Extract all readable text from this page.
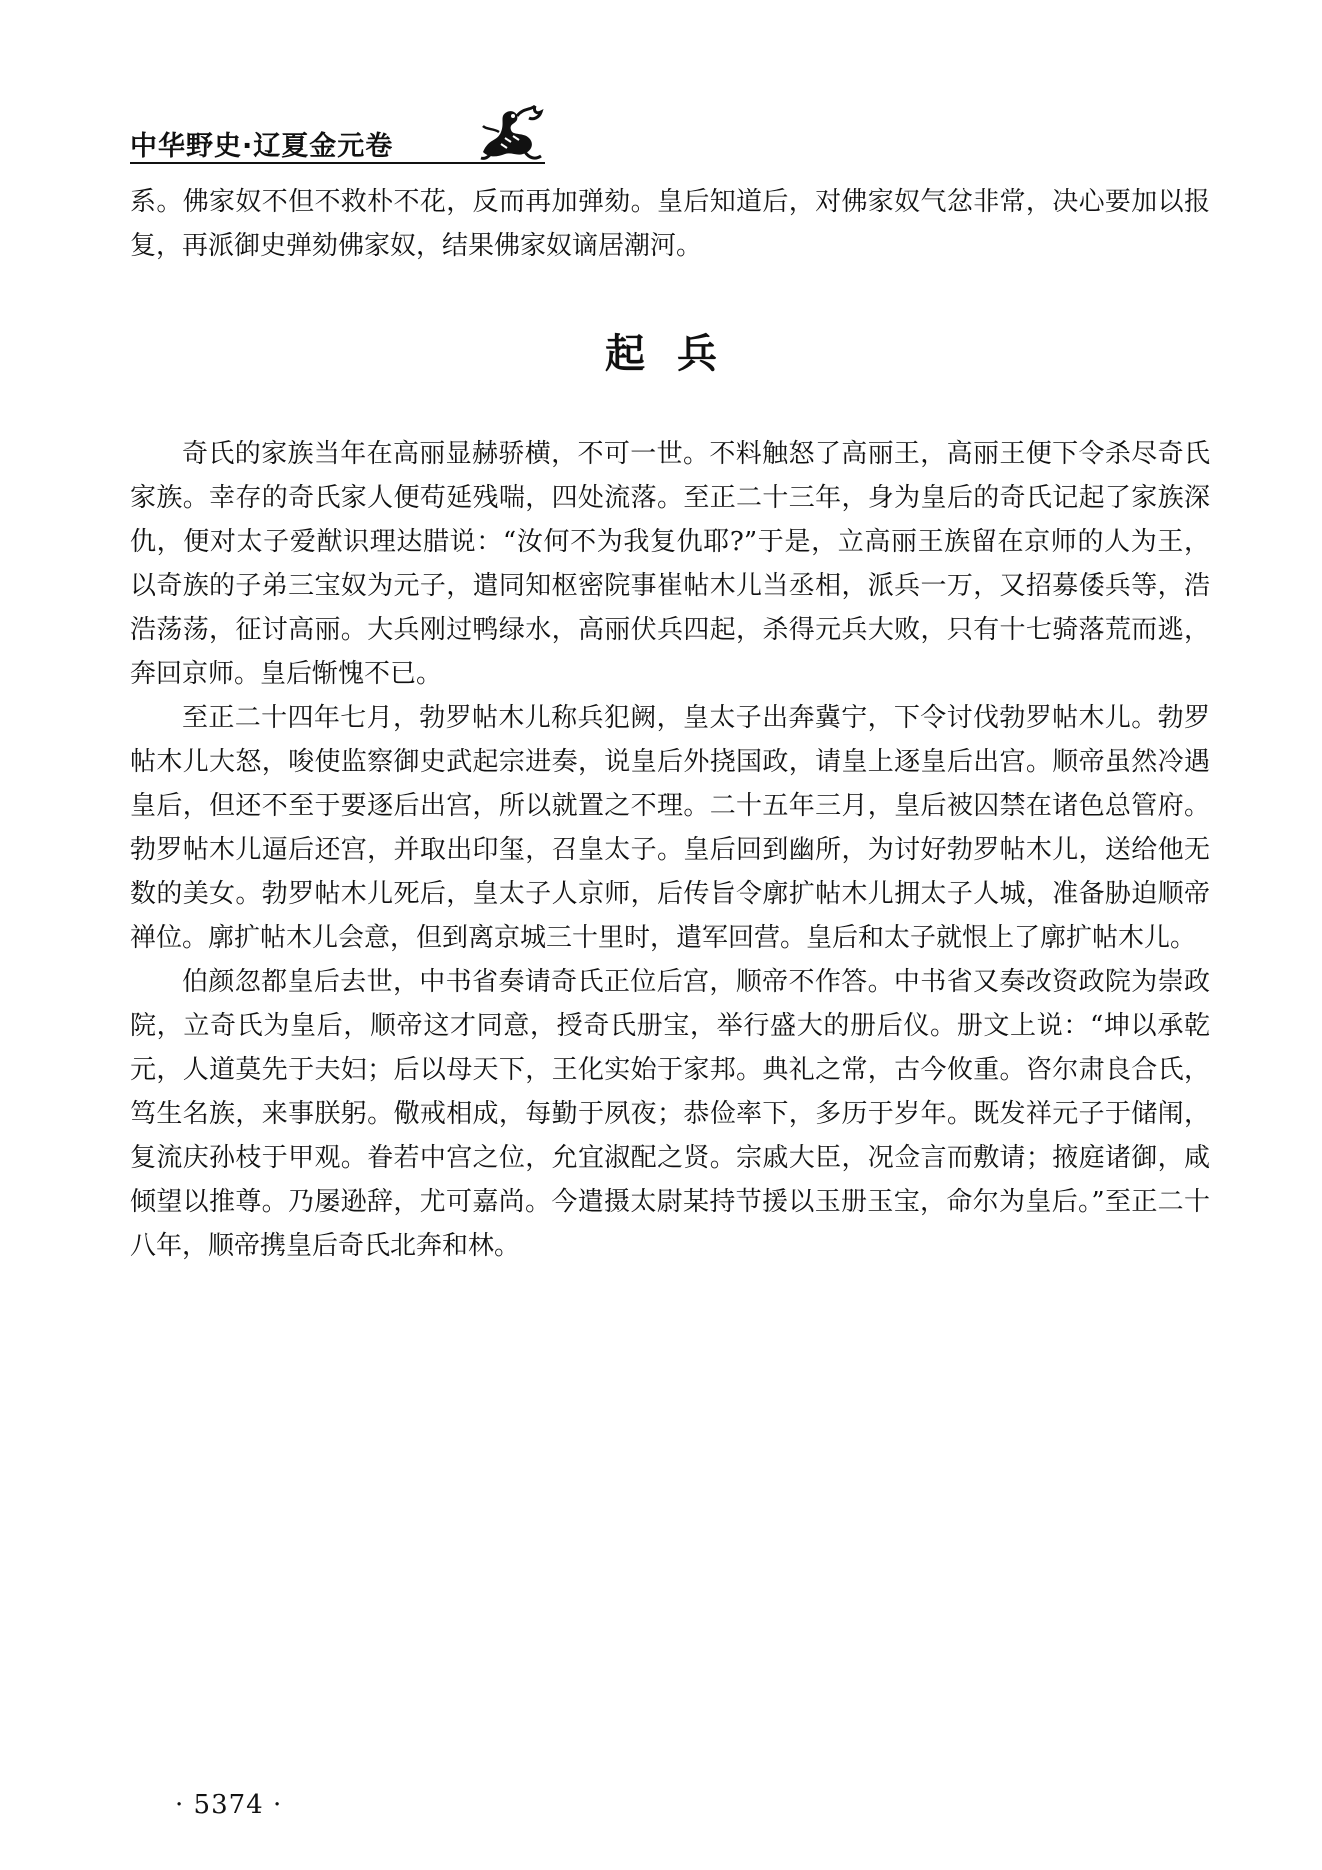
中华野史·辽夏金元卷
系。佛家奴不但不救朴不花，反而再加弹劾。皇后知道后，对佛家奴气忿非常，决心要加以报复，再派御史弹劾佛家奴，结果佛家奴谪居潮河。
起兵

奇氏的家族当年在高丽显赫骄横，不可一世。不料触怒了高丽王，高丽王便下令杀尽奇氏家族。幸存的奇氏家人便苟延残喘，四处流落。至正二十三年，身为皇后的奇氏记起了家族深仇，便对太子爱猷识理达腊说：“汝何不为我复仇耶?”于是，立高丽王族留在京师的人为王，以奇族的子弟三宝奴为元子，遣同知枢密院事崔帖木儿当丞相，派兵一万，又招募倭兵等，浩浩荡荡，征讨高丽。大兵刚过鸭绿水，高丽伏兵四起，杀得元兵大败，只有十七骑落荒而逃，奔回京师。皇后惭愧不已。

至正二十四年七月，勃罗帖木儿称兵犯阙，皇太子出奔冀宁，下令讨伐勃罗帖木儿。勃罗帖木儿大怒，唆使监察御史武起宗进奏，说皇后外挠国政，请皇上逐皇后出宫。顺帝虽然冷遇皇后，但还不至于要逐后出宫，所以就置之不理。二十五年三月，皇后被囚禁在诸色总管府。勃罗帖木儿逼后还宫，并取出印玺，召皇太子。皇后回到幽所，为讨好勃罗帖木儿，送给他无数的美女。勃罗帖木儿死后，皇太子人京师，后传旨令廓扩帖木儿拥太子人城，准备胁迫顺帝禅位。廓扩帖木儿会意，但到离京城三十里时，遣军回营。皇后和太子就恨上了廓扩帖木儿。

伯颜忽都皇后去世，中书省奏请奇氏正位后宫，顺帝不作答。中书省又奏改资政院为崇政院，立奇氏为皇后，顺帝这才同意，授奇氏册宝，举行盛大的册后仪。册文上说：“坤以承乾元，人道莫先于夫妇；后以母天下，王化实始于家邦。典礼之常，古今攸重。咨尔肃良合氏，笃生名族，来事朕躬。儆戒相成，每勤于夙夜；恭俭率下，多历于岁年。既发祥元子于储闱，复流庆孙枝于甲观。眷若中宫之位，允宜淑配之贤。宗戚大臣，况佥言而敷请；掖庭诸御，咸倾望以推尊。乃屡逊辞，尤可嘉尚。今遣摄太尉某持节援以玉册玉宝，命尔为皇后。”至正二十八年，顺帝携皇后奇氏北奔和林。

· 5374 ·
